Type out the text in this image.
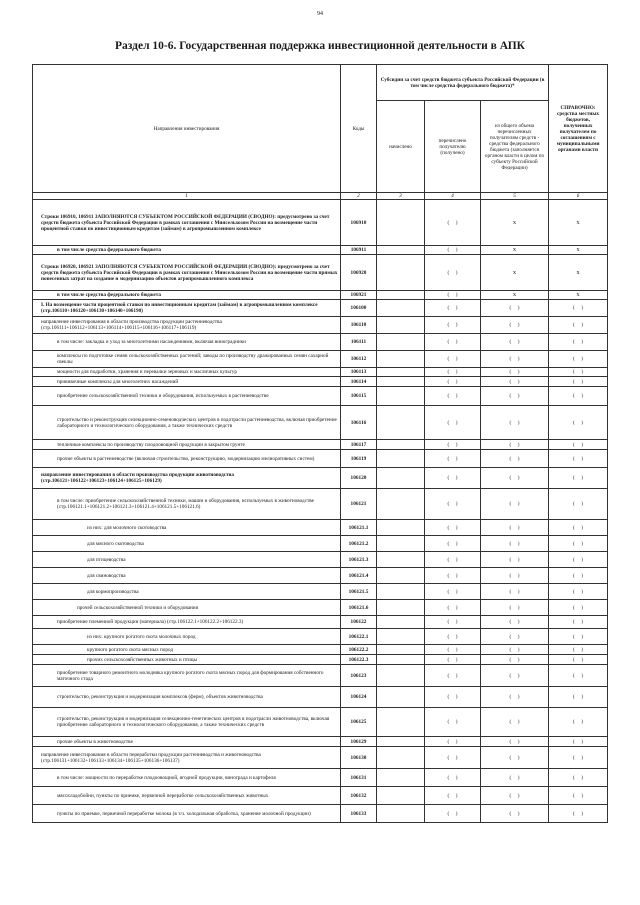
94
Раздел 10-6. Государственная поддержка инвестиционной деятельности в АПК
Направления инвестирования	Коды	Субсидии за счет средств бюджета субъекта Российской Федерации (в том числе средства федерального бюджета)*			СПРАВОЧНО: средства местных бюджетов, полученных получателем по соглашениям с муниципальными органами власти
		начислено	перечислено получателю (получено)	из общего объема перечисленных получателям средств - средства федерального бюджета (заполняется органом власти в целом по субъекту Российской Федерации)	
1	2	3	4	5	6
Строки 106910, 106911 ЗАПОЛНЯЮТСЯ СУБЪЕКТОМ РОССИЙСКОЙ ФЕДЕРАЦИИ (СВОДНО): предусмотрено за счет средств бюджета субъекта Российской Федерации в рамках соглашения с Минсельхозом России на возмещение части процентной ставки по инвестиционным кредитам (займам) в агропромышленном комплексе	106910		(     )	x	x
в том числе средства федерального бюджета	106911		(     )	x	x
Строки 106920, 106921 ЗАПОЛНЯЮТСЯ СУБЪЕКТОМ РОССИЙСКОЙ ФЕДЕРАЦИИ (СВОДНО): предусмотрено за счет средств бюджета субъекта Российской Федерации в рамках соглашения с Минсельхозом России на возмещение части прямых понесенных затрат на создание и модернизацию объектов агропромышленного комплекса	106920		(     )	x	x
в том числе средства федерального бюджета	106921		(     )	x	x
I. На возмещение части процентной ставки по инвестиционным кредитам (займам) в агропромышленном комплексе (стр.106110+106120+106130+106140+106190)	106100		(     )	(     )	(     )
направление инвестирования в области производства продукции растениеводства (стр.106111+106112+106113+106114+106115+106116+106117+106119)	106110		(     )	(     )	(     )
в том числе: закладка и уход за многолетними насаждениями, включая виноградники	106111		(     )	(     )	(     )
комплексы по подготовке семян сельскохозяйственных растений; заводы по производству дражированных семян сахарной свеклы	106112		(     )	(     )	(     )
мощности для подработки, хранения и перевалки зерновых и масличных культур	106113		(     )	(     )	(     )
прививочные комплексы для многолетних насаждений	106114		(     )	(     )	(     )
приобретение сельскохозяйственной техники и оборудования, используемых в растениеводстве	106115		(     )	(     )	(     )
строительство и реконструкция селекционно-семеноводческих центров в подотрасли растениеводства, включая приобретение лабораторного и технологического оборудования, а также технических средств	106116		(     )	(     )	(     )
тепличные комплексы по производству плодоовощной продукции в закрытом грунте	106117		(     )	(     )	(     )
прочие объекты в растениеводстве (включая строительство, реконструкцию, модернизацию мелиоративных систем)	106119		(     )	(     )	(     )
направление инвестирования в области производства продукции животноводства (стр.106121+106122+106123+106124+106125+106129)	106120		(     )	(     )	(     )
в том числе: приобретение сельскохозяйственной техники, машин и оборудования, используемых в животноводстве (стр.106121.1+106121.2+106121.3+106121.4+106121.5+106121.6)	106121		(     )	(     )	(     )
из них: для молочного скотоводства	106121.1		(     )	(     )	(     )
для мясного скотоводства	106121.2		(     )	(     )	(     )
для птицеводства	106121.3		(     )	(     )	(     )
для свиноводства	106121.4		(     )	(     )	(     )
для кормопроизводства	106121.5		(     )	(     )	(     )
прочей сельскохозяйственной техники и оборудования	106121.6		(     )	(     )	(     )
приобретение племенной продукции (материала) (стр.106122.1+106122.2+106122.3)	106122		(     )	(     )	(     )
из них: крупного рогатого скота молочных пород	106122.1		(     )	(     )	(     )
крупного рогатого скота мясных пород	106122.2		(     )	(     )	(     )
прочих сельскохозяйственных животных и птицы	106122.3		(     )	(     )	(     )
приобретение товарного ремонтного молодняка крупного рогатого скота мясных пород для формирования собственного маточного стада	106123		(     )	(     )	(     )
строительство, реконструкция и модернизация комплексов (ферм), объектов животноводства	106124		(     )	(     )	(     )
строительство, реконструкция и модернизация селекционно-генетических центров в подотрасли животноводства, включая приобретение лабораторного и технологического оборудования, а также технических средств	106125		(     )	(     )	(     )
прочие объекты в животноводстве	106129		(     )	(     )	(     )
направление инвестирования в области переработки продукции растениеводства и животноводства (стр.106131+106132+106133+106134+106135+106136+106137)	106130		(     )	(     )	(     )
в том числе: мощности по переработке плодоовощной, ягодной продукции, винограда и картофеля	106131		(     )	(     )	(     )
мясохладобойни, пункты по приемке, первичной переработке сельскохозяйственных животных	106132		(     )	(     )	(     )
пункты по приемке, первичной переработке молока (в т.ч. холодильная обработка, хранение молочной продукции)	106133		(     )	(     )	(     )
